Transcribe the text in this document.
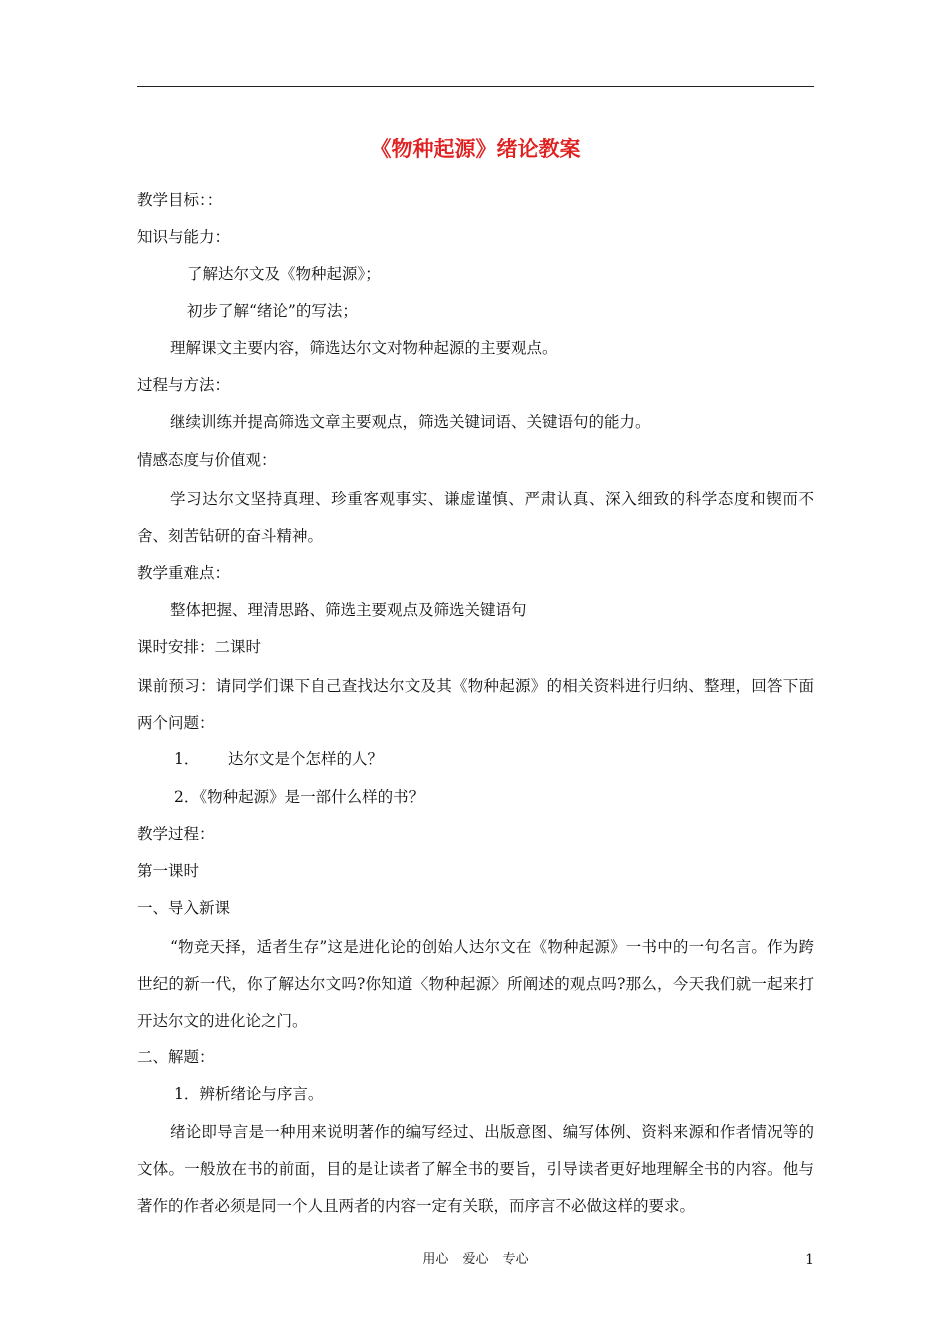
《物种起源》绪论教案
教学目标：：
知识与能力：
了解达尔文及《物种起源》；
初步了解“绪论”的写法；
理解课文主要内容，筛选达尔文对物种起源的主要观点。
过程与方法：
继续训练并提高筛选文章主要观点，筛选关键词语、关键语句的能力。
情感态度与价值观：
学习达尔文坚持真理、珍重客观事实、谦虚谨慎、严肃认真、深入细致的科学态度和锲而不舍、刻苦钻研的奋斗精神。
教学重难点：
整体把握、理清思路、筛选主要观点及筛选关键语句
课时安排：二课时
课前预习：请同学们课下自己查找达尔文及其《物种起源》的相关资料进行归纳、整理，回答下面两个问题：
1． 达尔文是个怎样的人？
2．《物种起源》是一部什么样的书？
教学过程：
第一课时
一、导入新课
“物竞天择，适者生存”这是进化论的创始人达尔文在《物种起源》一书中的一句名言。作为跨世纪的新一代，你了解达尔文吗?你知道〈物种起源〉所阐述的观点吗?那么，今天我们就一起来打开达尔文的进化论之门。
二、解题：
1．辨析绪论与序言。
绪论即导言是一种用来说明著作的编写经过、出版意图、编写体例、资料来源和作者情况等的文体。一般放在书的前面，目的是让读者了解全书的要旨，引导读者更好地理解全书的内容。他与著作的作者必须是同一个人且两者的内容一定有关联，而序言不必做这样的要求。
用心 爱心 专心	1
